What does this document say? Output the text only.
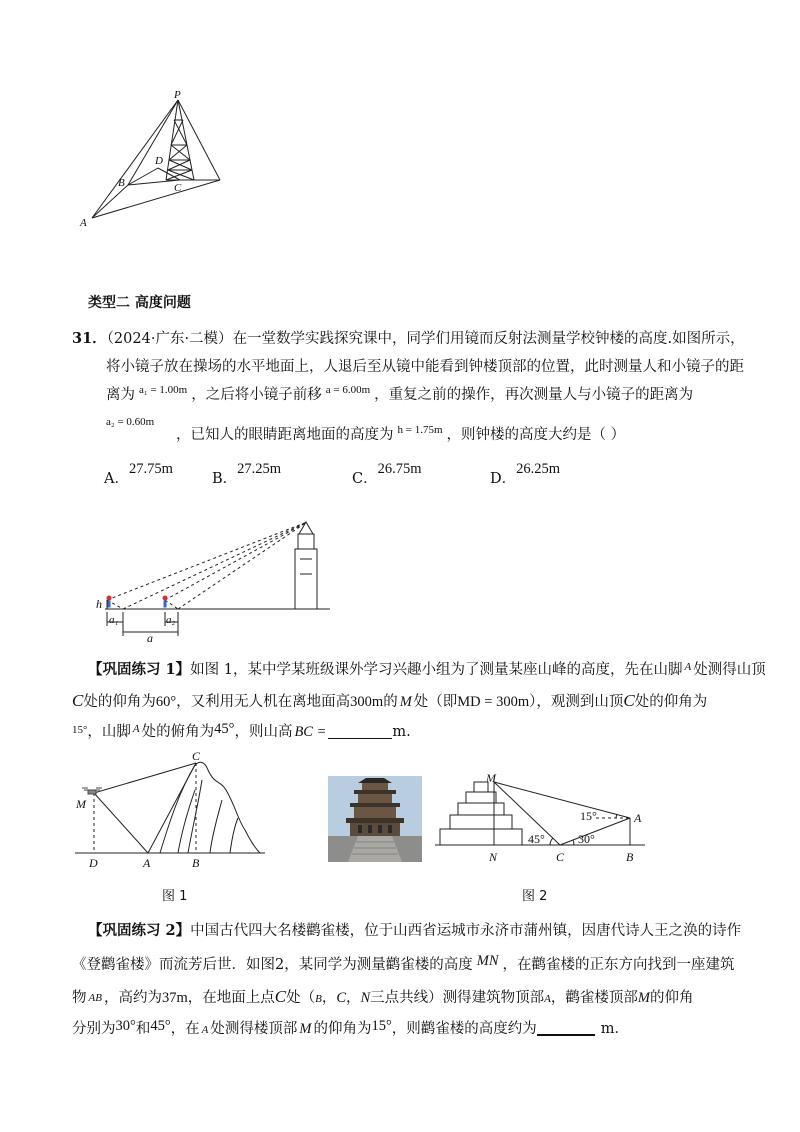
P
D
B	C
A
类型二 高度问题
31．（2024·广东·二模）在一堂数学实践探究课中，同学们用镜而反射法测量学校钟楼的高度.如图所示，
将小镜子放在操场的水平地面上，人退后至从镜中能看到钟楼顶部的位置，此时测量人和小镜子的距
离为 $^{a_1 = 1.00m}$ ，之后将小镜子前移 $^{a = 6.00m}$ ，重复之前的操作，再次测量人与小镜子的距离为
$^{a_2 = 0.60m}$
，已知人的眼睛距离地面的高度为 $^{h = 1.75m}$ ，则钟楼的高度大约是（ ）
A．27.75m
B．27.25m
C．26.75m
D．26.25m
h
a₁	a₂
a
【巩固练习 1】如图 1，某中学某班级课外学习兴趣小组为了测量某座山峰的高度，先在山脚 $^A$ 处测得山顶
C处的仰角为60°，又利用无人机在离地面高300m的 M 处（即MD = 300m），观测到山顶C处的仰角为
$^{15^\circ}$，山脚 $^A$ 处的俯角为45°，则山高 BC =	m.
C
M
D	A	B
图 1
M
A
N	C	B
15°
45°	30°
图 2
【巩固练习 2】中国古代四大名楼鹳雀楼，位于山西省运城市永济市蒲州镇，因唐代诗人王之涣的诗作
《登鹳雀楼》而流芳后世．如图2，某同学为测量鹳雀楼的高度 MN ，在鹳雀楼的正东方向找到一座建筑
物 AB ，高约为37m，在地面上点C处（B，C，N三点共线）测得建筑物顶部A，鹳雀楼顶部M的仰角
分别为30°和45°，在 A 处测得楼顶部 M 的仰角为15°，则鹳雀楼的高度约为	m．
